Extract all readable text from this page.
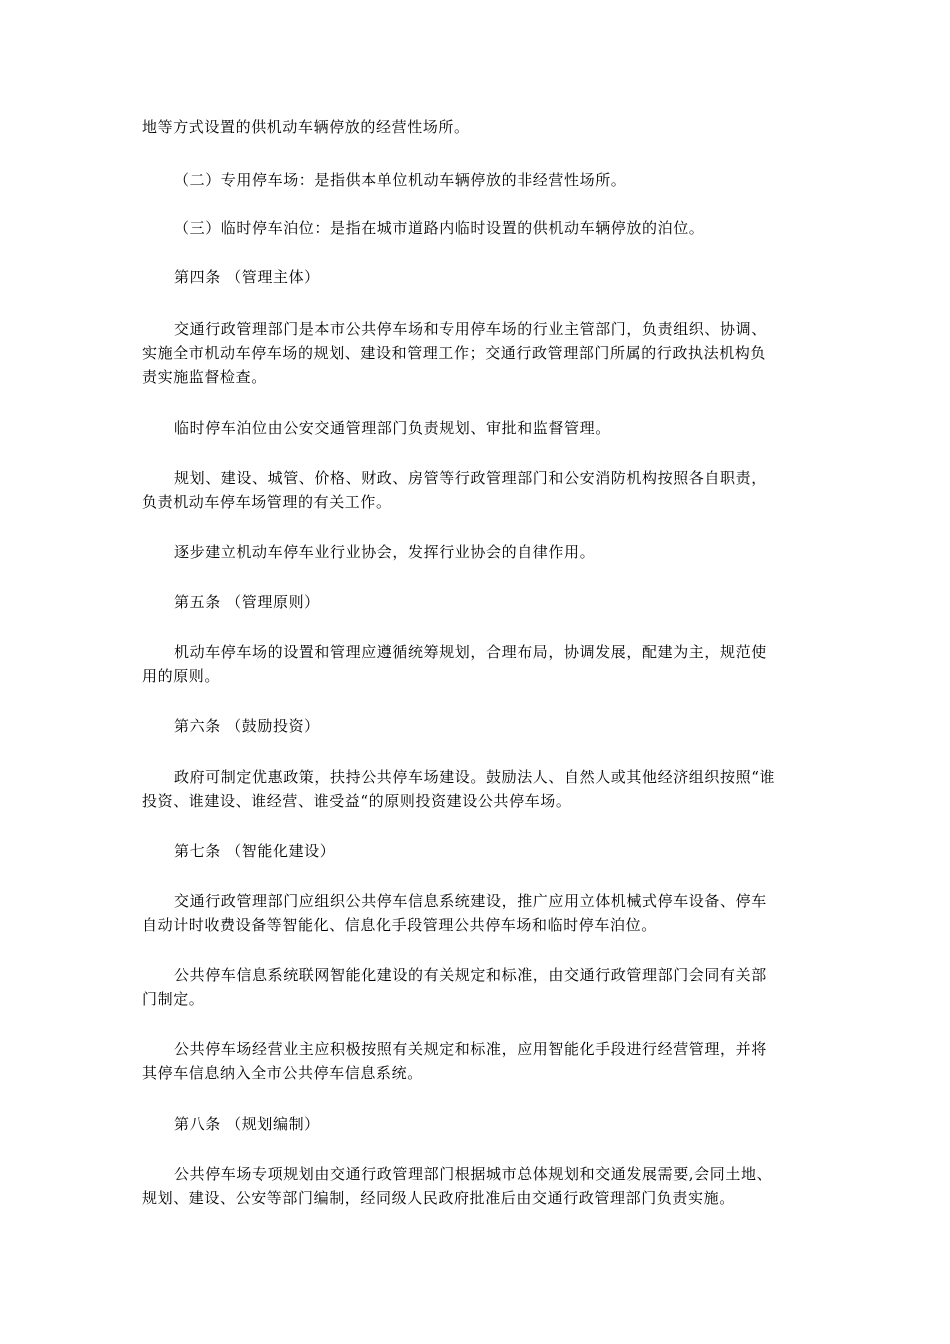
地等方式设置的供机动车辆停放的经营性场所。
（二）专用停车场：是指供本单位机动车辆停放的非经营性场所。
（三）临时停车泊位：是指在城市道路内临时设置的供机动车辆停放的泊位。
第四条 （管理主体）
交通行政管理部门是本市公共停车场和专用停车场的行业主管部门，负责组织、协调、
实施全市机动车停车场的规划、建设和管理工作；交通行政管理部门所属的行政执法机构负
责实施监督检查。
临时停车泊位由公安交通管理部门负责规划、审批和监督管理。
规划、建设、城管、价格、财政、房管等行政管理部门和公安消防机构按照各自职责，
负责机动车停车场管理的有关工作。
逐步建立机动车停车业行业协会，发挥行业协会的自律作用。
第五条 （管理原则）
机动车停车场的设置和管理应遵循统筹规划，合理布局，协调发展，配建为主，规范使
用的原则。
第六条 （鼓励投资）
政府可制定优惠政策，扶持公共停车场建设。鼓励法人、自然人或其他经济组织按照“谁
投资、谁建设、谁经营、谁受益“的原则投资建设公共停车场。
第七条 （智能化建设）
交通行政管理部门应组织公共停车信息系统建设，推广应用立体机械式停车设备、停车
自动计时收费设备等智能化、信息化手段管理公共停车场和临时停车泊位。
公共停车信息系统联网智能化建设的有关规定和标准，由交通行政管理部门会同有关部
门制定。
公共停车场经营业主应积极按照有关规定和标准，应用智能化手段进行经营管理，并将
其停车信息纳入全市公共停车信息系统。
第八条 （规划编制）
公共停车场专项规划由交通行政管理部门根据城市总体规划和交通发展需要,会同土地、
规划、建设、公安等部门编制，经同级人民政府批准后由交通行政管理部门负责实施。
